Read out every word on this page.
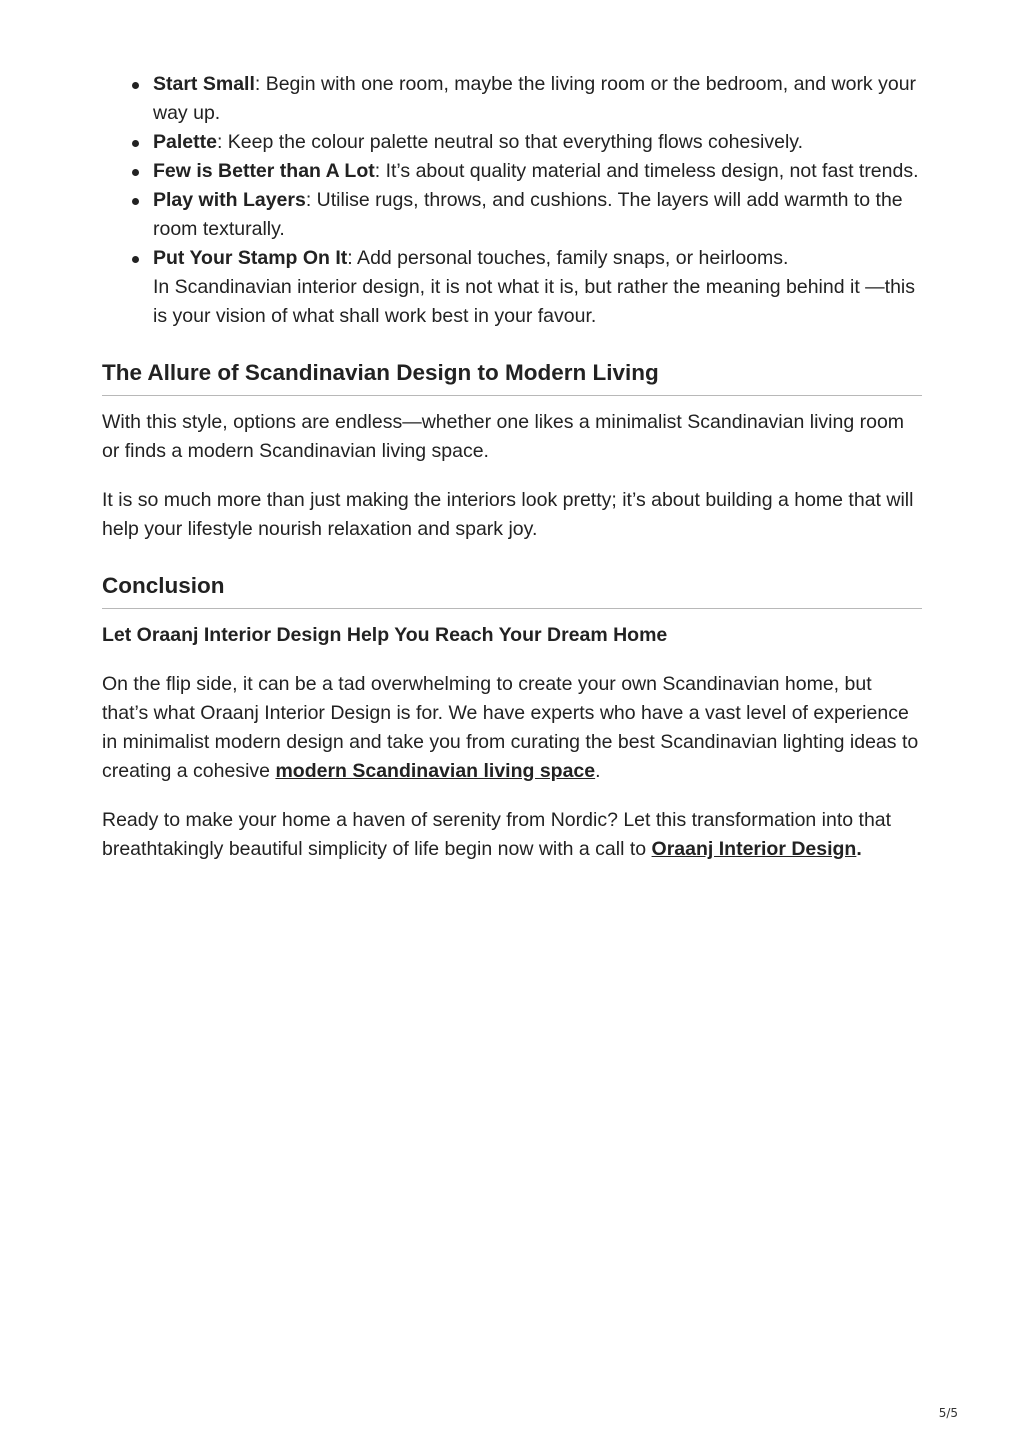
Start Small: Begin with one room, maybe the living room or the bedroom, and work your way up.
Palette: Keep the colour palette neutral so that everything flows cohesively.
Few is Better than A Lot: It’s about quality material and timeless design, not fast trends.
Play with Layers: Utilise rugs, throws, and cushions. The layers will add warmth to the room texturally.
Put Your Stamp On It: Add personal touches, family snaps, or heirlooms.
In Scandinavian interior design, it is not what it is, but rather the meaning behind it —this is your vision of what shall work best in your favour.
The Allure of Scandinavian Design to Modern Living

With this style, options are endless—whether one likes a minimalist Scandinavian living room or finds a modern Scandinavian living space.

It is so much more than just making the interiors look pretty; it’s about building a home that will help your lifestyle nourish relaxation and spark joy.

Conclusion

Let Oraanj Interior Design Help You Reach Your Dream Home

On the flip side, it can be a tad overwhelming to create your own Scandinavian home, but that’s what Oraanj Interior Design is for. We have experts who have a vast level of experience in minimalist modern design and take you from curating the best Scandinavian lighting ideas to creating a cohesive modern Scandinavian living space.

Ready to make your home a haven of serenity from Nordic? Let this transformation into that breathtakingly beautiful simplicity of life begin now with a call to Oraanj Interior Design.

5/5
